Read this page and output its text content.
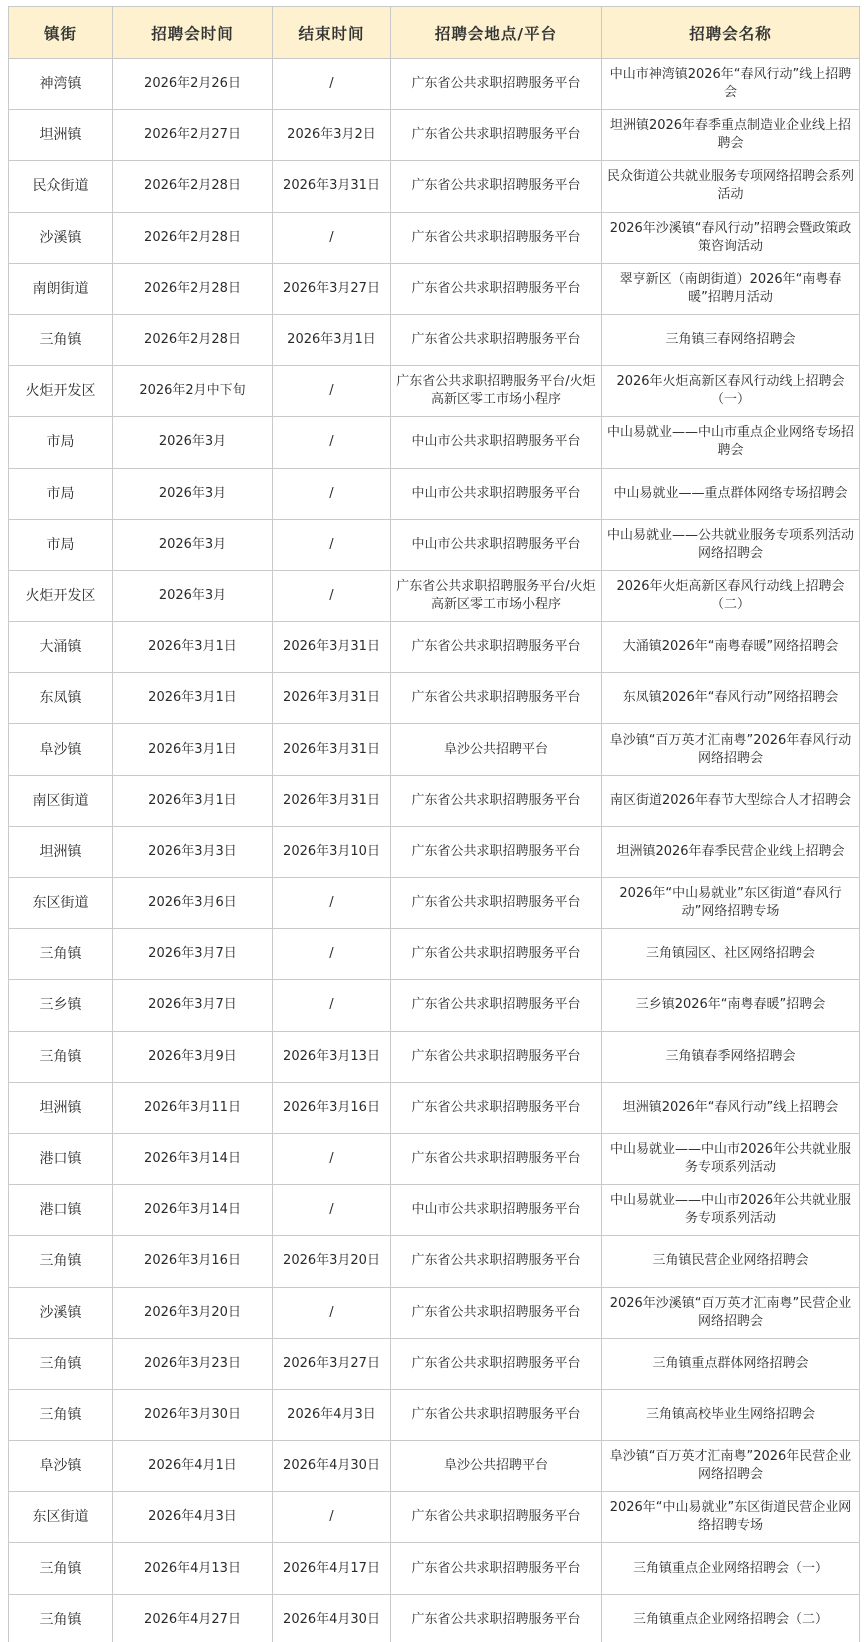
镇街	招聘会时间	结束时间	招聘会地点/平台	招聘会名称
神湾镇	2026年2月26日	/	广东省公共求职招聘服务平台	中山市神湾镇2026年“春风行动”线上招聘会
坦洲镇	2026年2月27日	2026年3月2日	广东省公共求职招聘服务平台	坦洲镇2026年春季重点制造业企业线上招聘会
民众街道	2026年2月28日	2026年3月31日	广东省公共求职招聘服务平台	民众街道公共就业服务专项网络招聘会系列活动
沙溪镇	2026年2月28日	/	广东省公共求职招聘服务平台	2026年沙溪镇“春风行动”招聘会暨政策政策咨询活动
南朗街道	2026年2月28日	2026年3月27日	广东省公共求职招聘服务平台	翠亨新区（南朗街道）2026年“南粤春暖”招聘月活动
三角镇	2026年2月28日	2026年3月1日	广东省公共求职招聘服务平台	三角镇三春网络招聘会
火炬开发区	2026年2月中下旬	/	广东省公共求职招聘服务平台/火炬高新区零工市场小程序	2026年火炬高新区春风行动线上招聘会（一）
市局	2026年3月	/	中山市公共求职招聘服务平台	中山易就业——中山市重点企业网络专场招聘会
市局	2026年3月	/	中山市公共求职招聘服务平台	中山易就业——重点群体网络专场招聘会
市局	2026年3月	/	中山市公共求职招聘服务平台	中山易就业——公共就业服务专项系列活动网络招聘会
火炬开发区	2026年3月	/	广东省公共求职招聘服务平台/火炬高新区零工市场小程序	2026年火炬高新区春风行动线上招聘会（二）
大涌镇	2026年3月1日	2026年3月31日	广东省公共求职招聘服务平台	大涌镇2026年“南粤春暖”网络招聘会
东凤镇	2026年3月1日	2026年3月31日	广东省公共求职招聘服务平台	东凤镇2026年“春风行动”网络招聘会
阜沙镇	2026年3月1日	2026年3月31日	阜沙公共招聘平台	阜沙镇“百万英才汇南粤”2026年春风行动网络招聘会
南区街道	2026年3月1日	2026年3月31日	广东省公共求职招聘服务平台	南区街道2026年春节大型综合人才招聘会
坦洲镇	2026年3月3日	2026年3月10日	广东省公共求职招聘服务平台	坦洲镇2026年春季民营企业线上招聘会
东区街道	2026年3月6日	/	广东省公共求职招聘服务平台	2026年“中山易就业”东区街道“春风行动”网络招聘专场
三角镇	2026年3月7日	/	广东省公共求职招聘服务平台	三角镇园区、社区网络招聘会
三乡镇	2026年3月7日	/	广东省公共求职招聘服务平台	三乡镇2026年“南粤春暖”招聘会
三角镇	2026年3月9日	2026年3月13日	广东省公共求职招聘服务平台	三角镇春季网络招聘会
坦洲镇	2026年3月11日	2026年3月16日	广东省公共求职招聘服务平台	坦洲镇2026年“春风行动”线上招聘会
港口镇	2026年3月14日	/	广东省公共求职招聘服务平台	中山易就业——中山市2026年公共就业服务专项系列活动
港口镇	2026年3月14日	/	中山市公共求职招聘服务平台	中山易就业——中山市2026年公共就业服务专项系列活动
三角镇	2026年3月16日	2026年3月20日	广东省公共求职招聘服务平台	三角镇民营企业网络招聘会
沙溪镇	2026年3月20日	/	广东省公共求职招聘服务平台	2026年沙溪镇“百万英才汇南粤”民营企业网络招聘会
三角镇	2026年3月23日	2026年3月27日	广东省公共求职招聘服务平台	三角镇重点群体网络招聘会
三角镇	2026年3月30日	2026年4月3日	广东省公共求职招聘服务平台	三角镇高校毕业生网络招聘会
阜沙镇	2026年4月1日	2026年4月30日	阜沙公共招聘平台	阜沙镇“百万英才汇南粤”2026年民营企业网络招聘会
东区街道	2026年4月3日	/	广东省公共求职招聘服务平台	2026年“中山易就业”东区街道民营企业网络招聘专场
三角镇	2026年4月13日	2026年4月17日	广东省公共求职招聘服务平台	三角镇重点企业网络招聘会（一）
三角镇	2026年4月27日	2026年4月30日	广东省公共求职招聘服务平台	三角镇重点企业网络招聘会（二）
